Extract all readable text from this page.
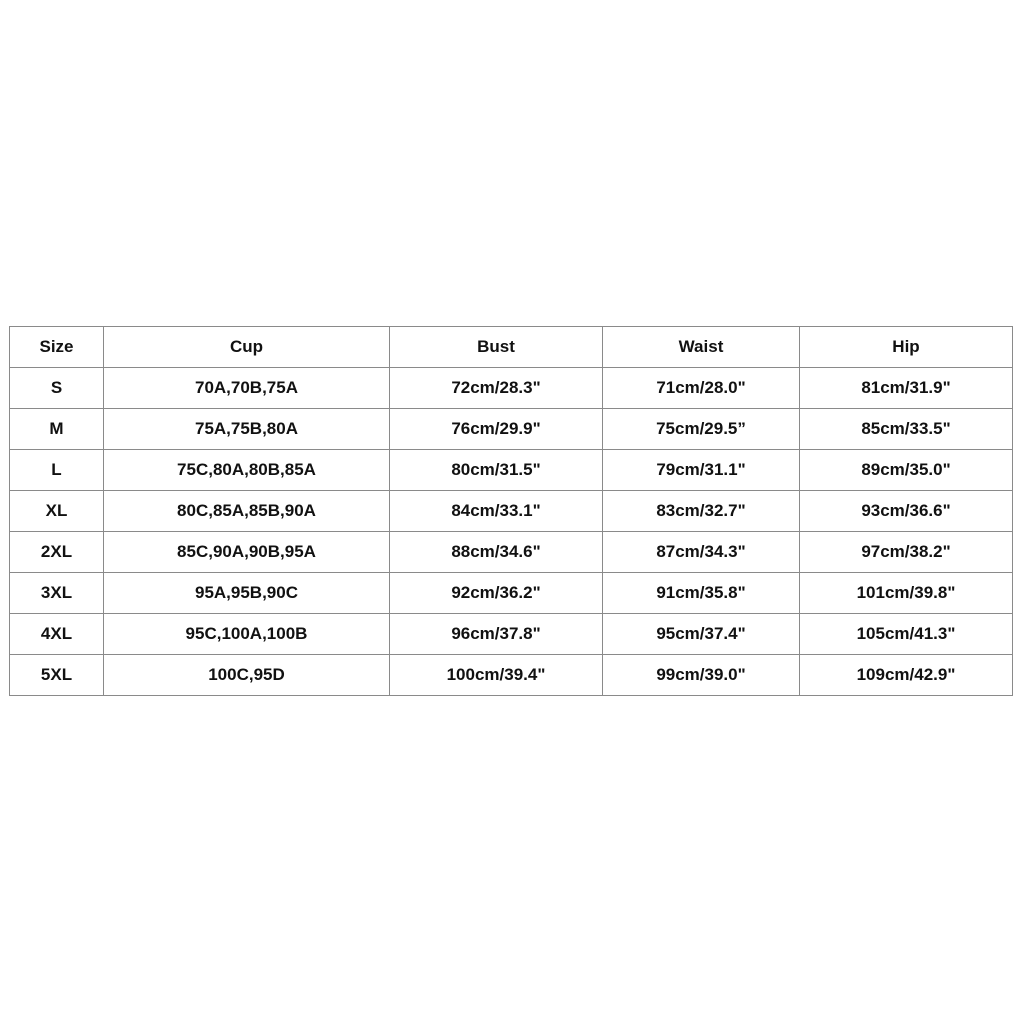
Size	Cup	Bust	Waist	Hip
S	70A,70B,75A	72cm/28.3"	71cm/28.0"	81cm/31.9"
M	75A,75B,80A	76cm/29.9"	75cm/29.5”	85cm/33.5"
L	75C,80A,80B,85A	80cm/31.5"	79cm/31.1"	89cm/35.0"
XL	80C,85A,85B,90A	84cm/33.1"	83cm/32.7"	93cm/36.6"
2XL	85C,90A,90B,95A	88cm/34.6"	87cm/34.3"	97cm/38.2"
3XL	95A,95B,90C	92cm/36.2"	91cm/35.8"	101cm/39.8"
4XL	95C,100A,100B	96cm/37.8"	95cm/37.4"	105cm/41.3"
5XL	100C,95D	100cm/39.4"	99cm/39.0"	109cm/42.9"
